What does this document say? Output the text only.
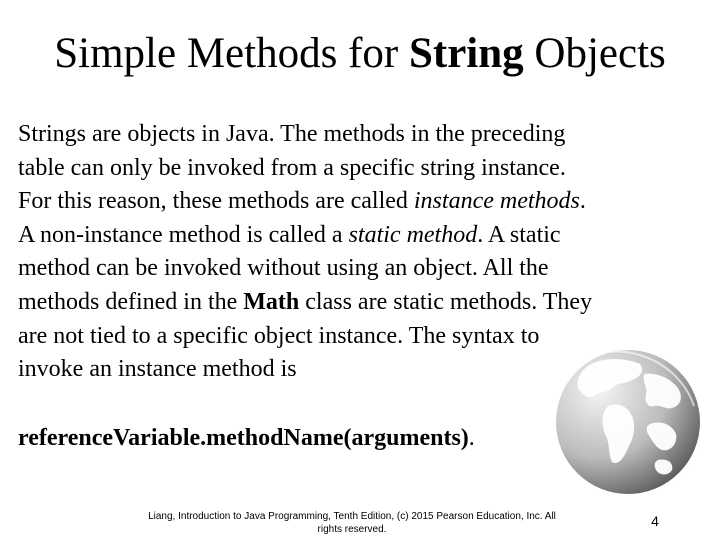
Simple Methods for String Objects
Strings are objects in Java. The methods in the preceding
table can only be invoked from a specific string instance.
For this reason, these methods are called instance methods.
A non-instance method is called a static method. A static
method can be invoked without using an object. All the
methods defined in the Math class are static methods. They
are not tied to a specific object instance. The syntax to
invoke an instance method is
referenceVariable.methodName(arguments).
Liang, Introduction to Java Programming, Tenth Edition, (c) 2015 Pearson Education, Inc. All
rights reserved.
4
